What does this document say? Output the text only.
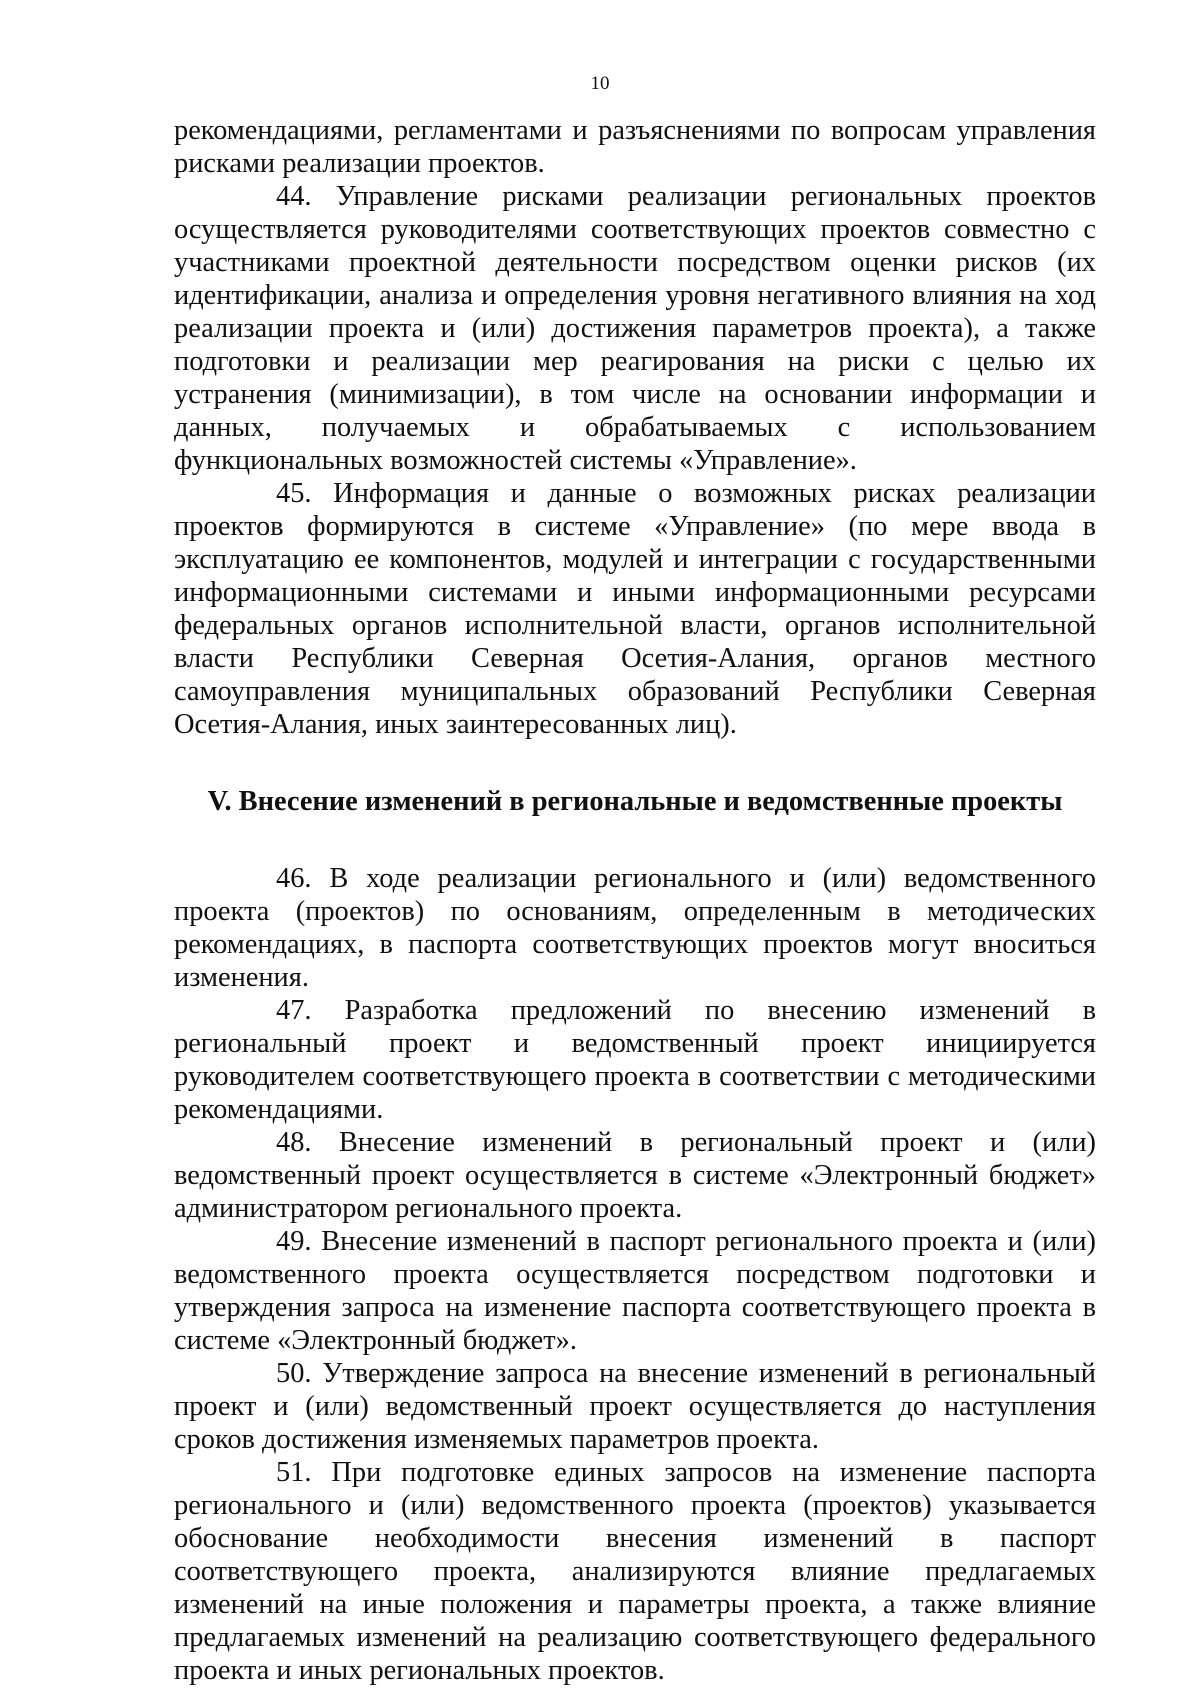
10

рекомендациями, регламентами и разъяснениями по вопросам управления рисками реализации проектов.

44. Управление рисками реализации региональных проектов осуществляется руководителями соответствующих проектов совместно с участниками проектной деятельности посредством оценки рисков (их идентификации, анализа и определения уровня негативного влияния на ход реализации проекта и (или) достижения параметров проекта), а также подготовки и реализации мер реагирования на риски с целью их устранения (минимизации), в том числе на основании информации и данных, получаемых и обрабатываемых с использованием функциональных возможностей системы «Управление».

45. Информация и данные о возможных рисках реализации проектов формируются в системе «Управление» (по мере ввода в эксплуатацию ее компонентов, модулей и интеграции с государственными информационными системами и иными информационными ресурсами федеральных органов исполнительной власти, органов исполнительной власти Республики Северная Осетия-Алания, органов местного самоуправления муниципальных образований Республики Северная Осетия-Алания, иных заинтересованных лиц).

V. Внесение изменений в региональные и ведомственные проекты

46. В ходе реализации регионального и (или) ведомственного проекта (проектов) по основаниям, определенным в методических рекомендациях, в паспорта соответствующих проектов могут вноситься изменения.

47. Разработка предложений по внесению изменений в региональный проект и ведомственный проект инициируется руководителем соответствующего проекта в соответствии с методическими рекомендациями.

48. Внесение изменений в региональный проект и (или) ведомственный проект осуществляется в системе «Электронный бюджет» администратором регионального проекта.

49. Внесение изменений в паспорт регионального проекта и (или) ведомственного проекта осуществляется посредством подготовки и утверждения запроса на изменение паспорта соответствующего проекта в системе «Электронный бюджет».

50. Утверждение запроса на внесение изменений в региональный проект и (или) ведомственный проект осуществляется до наступления сроков достижения изменяемых параметров проекта.

51. При подготовке единых запросов на изменение паспорта регионального и (или) ведомственного проекта (проектов) указывается обоснование необходимости внесения изменений в паспорт соответствующего проекта, анализируются влияние предлагаемых изменений на иные положения и параметры проекта, а также влияние предлагаемых изменений на реализацию соответствующего федерального проекта и иных региональных проектов.
